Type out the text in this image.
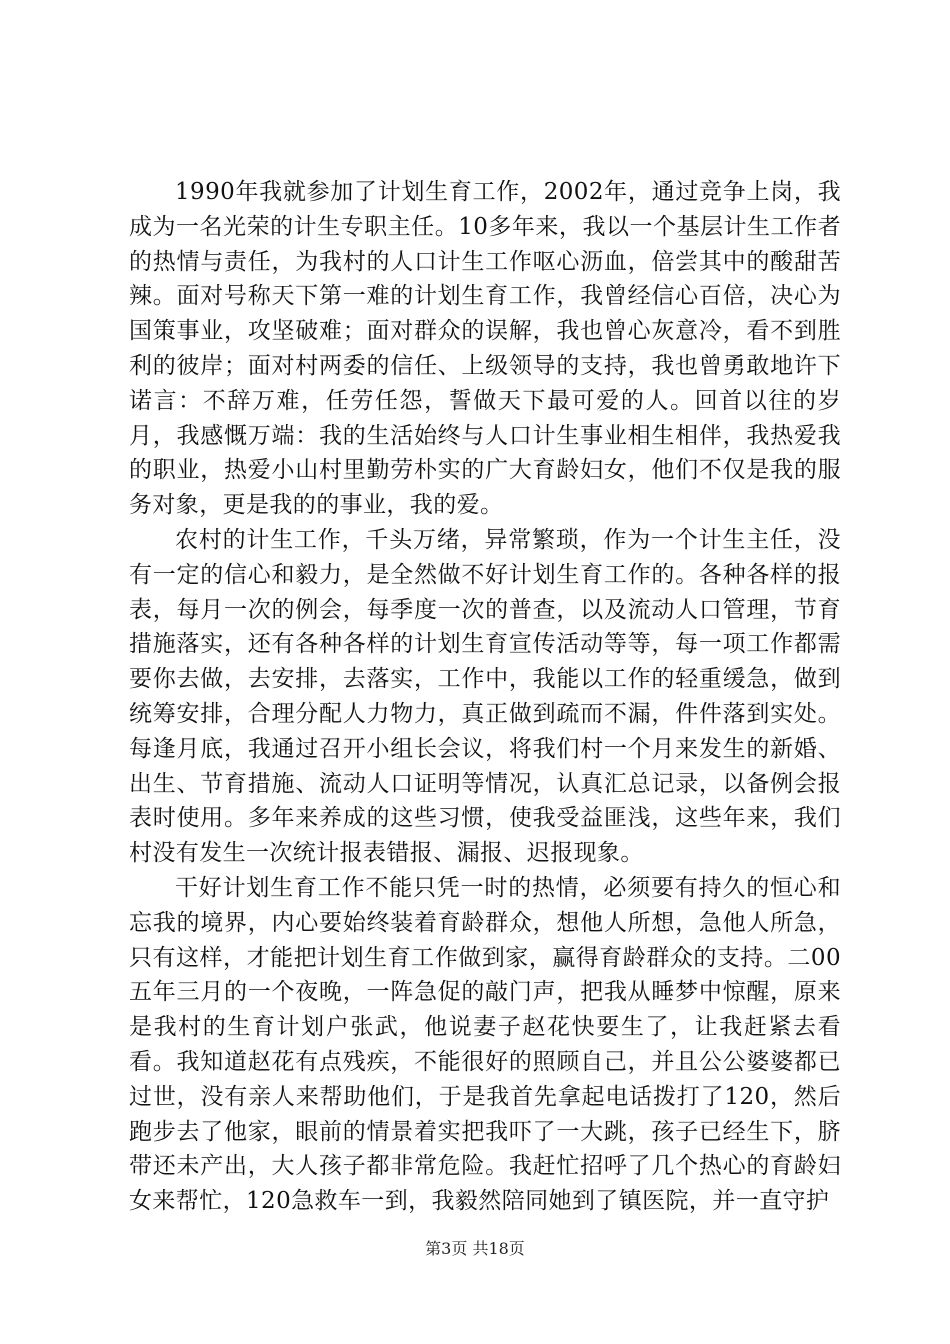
1990年我就参加了计划生育工作，2002年，通过竞争上岗，我成为一名光荣的计生专职主任。10多年来，我以一个基层计生工作者的热情与责任，为我村的人口计生工作呕心沥血，倍尝其中的酸甜苦辣。面对号称天下第一难的计划生育工作，我曾经信心百倍，决心为国策事业，攻坚破难；面对群众的误解，我也曾心灰意冷，看不到胜利的彼岸；面对村两委的信任、上级领导的支持，我也曾勇敢地许下诺言：不辞万难，任劳任怨，誓做天下最可爱的人。回首以往的岁月，我感慨万端：我的生活始终与人口计生事业相生相伴，我热爱我的职业，热爱小山村里勤劳朴实的广大育龄妇女，他们不仅是我的服务对象，更是我的的事业，我的爱。

农村的计生工作，千头万绪，异常繁琐，作为一个计生主任，没有一定的信心和毅力，是全然做不好计划生育工作的。各种各样的报表，每月一次的例会，每季度一次的普查，以及流动人口管理，节育措施落实，还有各种各样的计划生育宣传活动等等，每一项工作都需要你去做，去安排，去落实，工作中，我能以工作的轻重缓急，做到统筹安排，合理分配人力物力，真正做到疏而不漏，件件落到实处。每逢月底，我通过召开小组长会议，将我们村一个月来发生的新婚、出生、节育措施、流动人口证明等情况，认真汇总记录，以备例会报表时使用。多年来养成的这些习惯，使我受益匪浅，这些年来，我们村没有发生一次统计报表错报、漏报、迟报现象。

干好计划生育工作不能只凭一时的热情，必须要有持久的恒心和忘我的境界，内心要始终装着育龄群众，想他人所想，急他人所急，只有这样，才能把计划生育工作做到家，赢得育龄群众的支持。二00五年三月的一个夜晚，一阵急促的敲门声，把我从睡梦中惊醒，原来是我村的生育计划户张武，他说妻子赵花快要生了，让我赶紧去看看。我知道赵花有点残疾，不能很好的照顾自己，并且公公婆婆都已过世，没有亲人来帮助他们，于是我首先拿起电话拨打了120，然后跑步去了他家，眼前的情景着实把我吓了一大跳，孩子已经生下，脐带还未产出，大人孩子都非常危险。我赶忙招呼了几个热心的育龄妇女来帮忙，120急救车一到，我毅然陪同她到了镇医院，并一直守护

第3页 共18页
